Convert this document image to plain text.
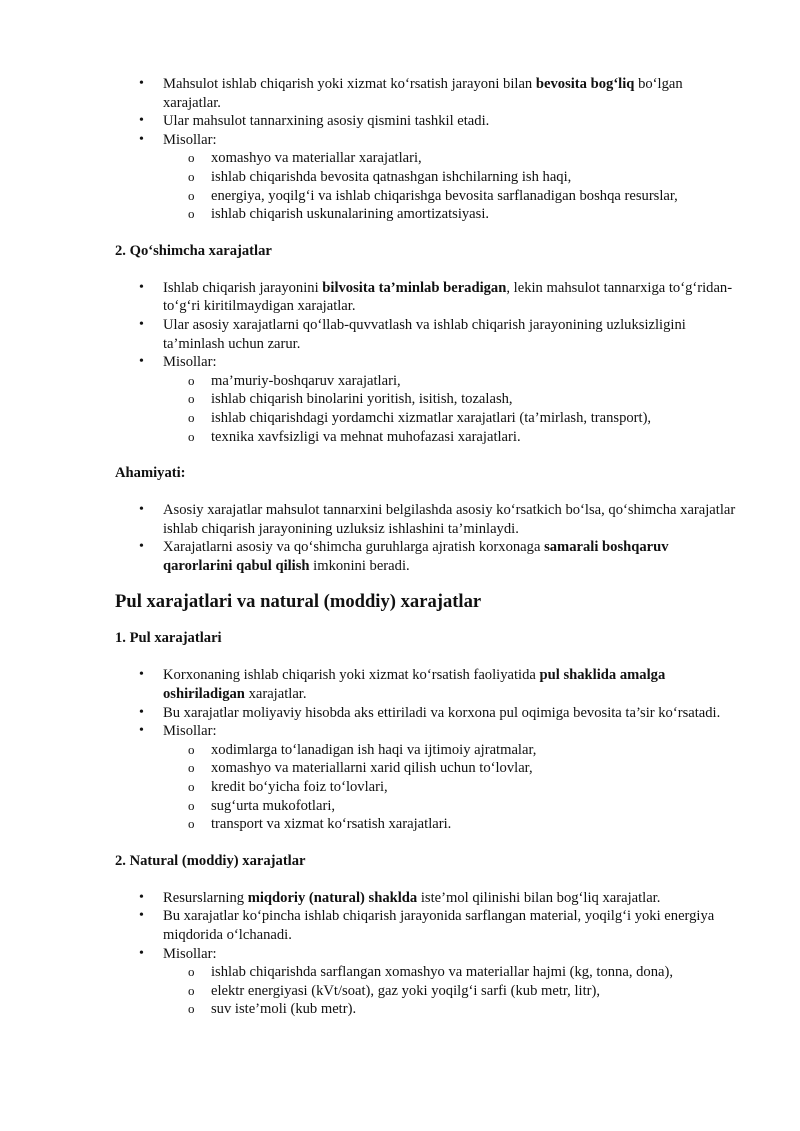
• Mahsulot ishlab chiqarish yoki xizmat ko‘rsatish jarayoni bilan bevosita bog‘liq bo‘lgan xarajatlar.
• Ular mahsulot tannarxining asosiy qismini tashkil etadi.
• Misollar:
o xomashyo va materiallar xarajatlari,
o ishlab chiqarishda bevosita qatnashgan ishchilarning ish haqi,
o energiya, yoqilg‘i va ishlab chiqarishga bevosita sarflanadigan boshqa resurslar,
o ishlab chiqarish uskunalarining amortizatsiyasi.
2. Qo‘shimcha xarajatlar
• Ishlab chiqarish jarayonini bilvosita ta’minlab beradigan, lekin mahsulot tannarxiga to‘g‘ridan-to‘g‘ri kiritilmaydigan xarajatlar.
• Ular asosiy xarajatlarni qo‘llab-quvvatlash va ishlab chiqarish jarayonining uzluksizligini ta’minlash uchun zarur.
• Misollar:
o ma’muriy-boshqaruv xarajatlari,
o ishlab chiqarish binolarini yoritish, isitish, tozalash,
o ishlab chiqarishdagi yordamchi xizmatlar xarajatlari (ta’mirlash, transport),
o texnika xavfsizligi va mehnat muhofazasi xarajatlari.
Ahamiyati:
• Asosiy xarajatlar mahsulot tannarxini belgilashda asosiy ko‘rsatkich bo‘lsa, qo‘shimcha xarajatlar ishlab chiqarish jarayonining uzluksiz ishlashini ta’minlaydi.
• Xarajatlarni asosiy va qo‘shimcha guruhlarga ajratish korxonaga samarali boshqaruv qarorlarini qabul qilish imkonini beradi.
Pul xarajatlari va natural (moddiy) xarajatlar
1. Pul xarajatlari
• Korxonaning ishlab chiqarish yoki xizmat ko‘rsatish faoliyatida pul shaklida amalga oshiriladigan xarajatlar.
• Bu xarajatlar moliyaviy hisobda aks ettiriladi va korxona pul oqimiga bevosita ta’sir ko‘rsatadi.
• Misollar:
o xodimlarga to‘lanadigan ish haqi va ijtimoiy ajratmalar,
o xomashyo va materiallarni xarid qilish uchun to‘lovlar,
o kredit bo‘yicha foiz to‘lovlari,
o sug‘urta mukofotlari,
o transport va xizmat ko‘rsatish xarajatlari.
2. Natural (moddiy) xarajatlar
• Resurslarning miqdoriy (natural) shaklda iste’mol qilinishi bilan bog‘liq xarajatlar.
• Bu xarajatlar ko‘pincha ishlab chiqarish jarayonida sarflangan material, yoqilg‘i yoki energiya miqdorida o‘lchanadi.
• Misollar:
o ishlab chiqarishda sarflangan xomashyo va materiallar hajmi (kg, tonna, dona),
o elektr energiyasi (kVt/soat), gaz yoki yoqilg‘i sarfi (kub metr, litr),
o suv iste’moli (kub metr).
